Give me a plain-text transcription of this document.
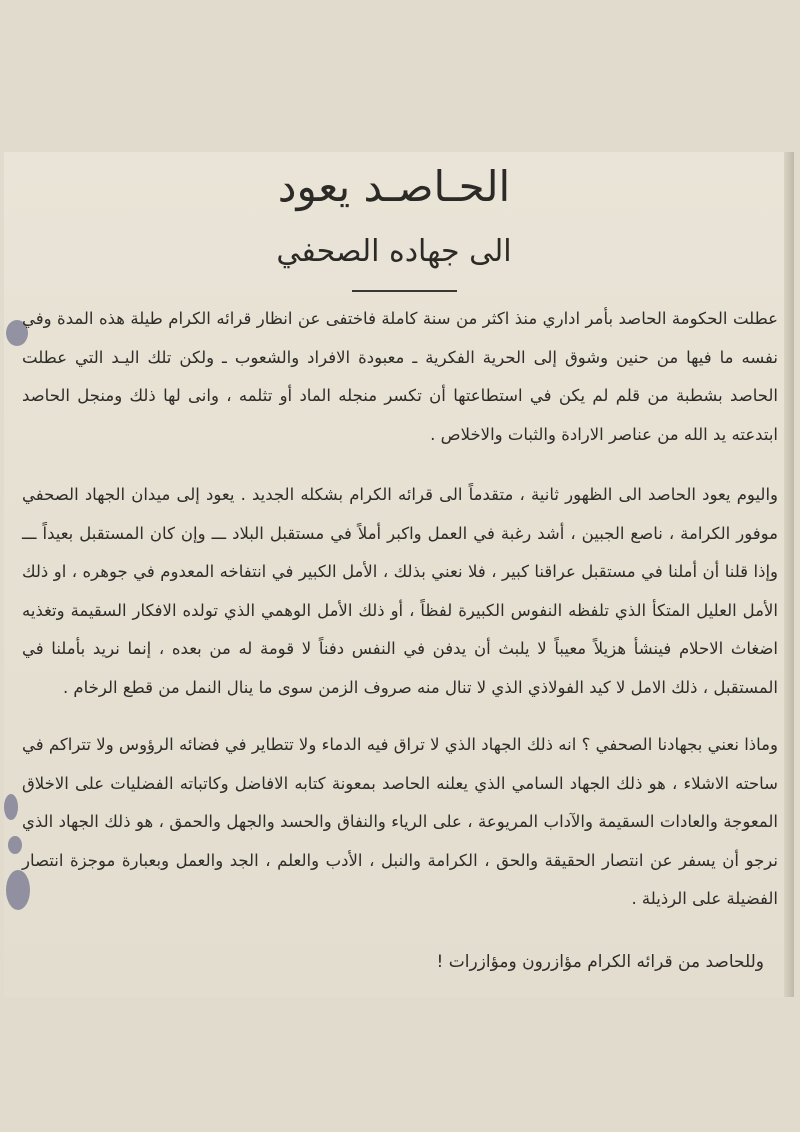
الحـاصـد يعود
الى جهاده الصحفي
عطلت الحكومة الحاصد بأمر اداري منذ اكثر من سنة كاملة فاختفى عن انظار قرائه الكرام طيلة هذه المدة وفي نفسه ما فيها من حنين وشوق إلى الحرية الفكرية ـ معبودة الافراد والشعوب ـ ولكن تلك اليـد التي عطلت الحاصد بشطبة من قلم لم يكن في استطاعتها أن تكسر منجله الماد أو تثلمه ، وانى لها ذلك ومنجل الحاصد ابتدعته يد الله من عناصر الارادة والثبات والاخلاص .
واليوم يعود الحاصد الى الظهور ثانية ، متقدماً الى قرائه الكرام بشكله الجديد . يعود إلى ميدان الجهاد الصحفي موفور الكرامة ، ناصع الجبين ، أشد رغبة في العمل واكبر أملاً في مستقبل البلاد ـــ وإن كان المستقبل بعيداً ـــ وإذا قلنا أن أملنا في مستقبل عراقنا كبير ، فلا نعني بذلك ، الأمل الكبير في انتفاخه المعدوم في جوهره ، او ذلك الأمل العليل المتكأ الذي تلفظه النفوس الكبيرة لفظاً ، أو ذلك الأمل الوهمي الذي تولده الافكار السقيمة وتغذيه اضغاث الاحلام فينشأ هزيلاً معيباً لا يلبث أن يدفن في النفس دفناً لا قومة له من بعده ، إنما نريد بأملنا في المستقبل ، ذلك الامل لا كيد الفولاذي الذي لا تنال منه صروف الزمن سوى ما ينال النمل من قطع الرخام .
وماذا نعني بجهادنا الصحفي ؟ انه ذلك الجهاد الذي لا تراق فيه الدماء ولا تتطاير في فضائه الرؤوس ولا تتراكم في ساحته الاشلاء ، هو ذلك الجهاد السامي الذي يعلنه الحاصد بمعونة كتابه الافاضل وكاتباته الفضليات على الاخلاق المعوجة والعادات السقيمة والآداب المريوعة ، على الرياء والنفاق والحسد والجهل والحمق ، هو ذلك الجهاد الذي نرجو أن يسفر عن انتصار الحقيقة والحق ، الكرامة والنبل ، الأدب والعلم ، الجد والعمل وبعبارة موجزة انتصار الفضيلة على الرذيلة .
وللحاصد من قرائه الكرام مؤازرون ومؤازرات !
